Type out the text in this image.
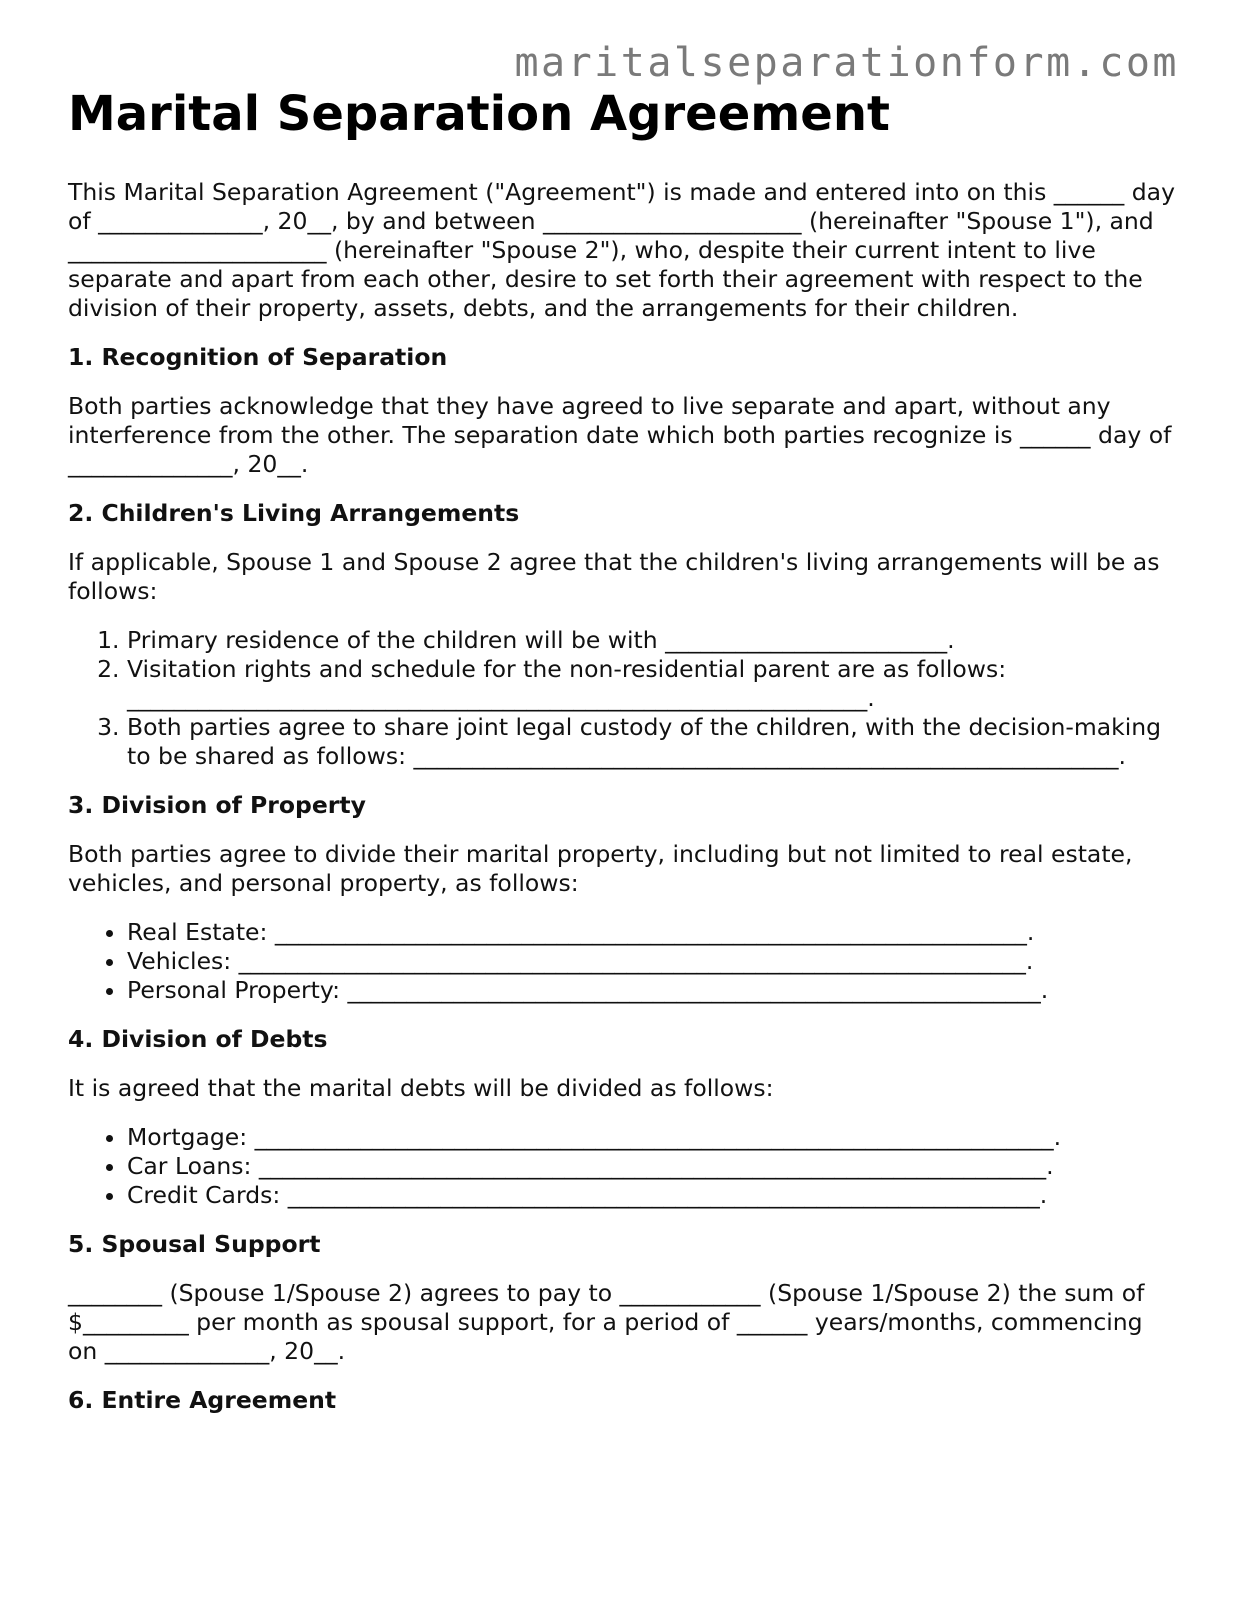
maritalseparationform.com
Marital Separation Agreement

This Marital Separation Agreement ("Agreement") is made and entered into on this ______ day of ______________, 20__, by and between ______________________ (hereinafter "Spouse 1"), and ______________________ (hereinafter "Spouse 2"), who, despite their current intent to live separate and apart from each other, desire to set forth their agreement with respect to the division of their property, assets, debts, and the arrangements for their children.

1. Recognition of Separation

Both parties acknowledge that they have agreed to live separate and apart, without any interference from the other. The separation date which both parties recognize is ______ day of ______________, 20__.

2. Children's Living Arrangements

If applicable, Spouse 1 and Spouse 2 agree that the children's living arrangements will be as follows:

1. Primary residence of the children will be with ________________________.
2. Visitation rights and schedule for the non-residential parent are as follows: _______________________________________________________________.
3. Both parties agree to share joint legal custody of the children, with the decision-making to be shared as follows: ____________________________________________________________.
3. Division of Property

Both parties agree to divide their marital property, including but not limited to real estate, vehicles, and personal property, as follows:

• Real Estate: ________________________________________________________________.
• Vehicles: ___________________________________________________________________.
• Personal Property: ___________________________________________________________.
4. Division of Debts

It is agreed that the marital debts will be divided as follows:

• Mortgage: ____________________________________________________________________.
• Car Loans: ___________________________________________________________________.
• Credit Cards: ________________________________________________________________.
5. Spousal Support

________ (Spouse 1/Spouse 2) agrees to pay to ____________ (Spouse 1/Spouse 2) the sum of $_________ per month as spousal support, for a period of ______ years/months, commencing on ______________, 20__.

6. Entire Agreement
